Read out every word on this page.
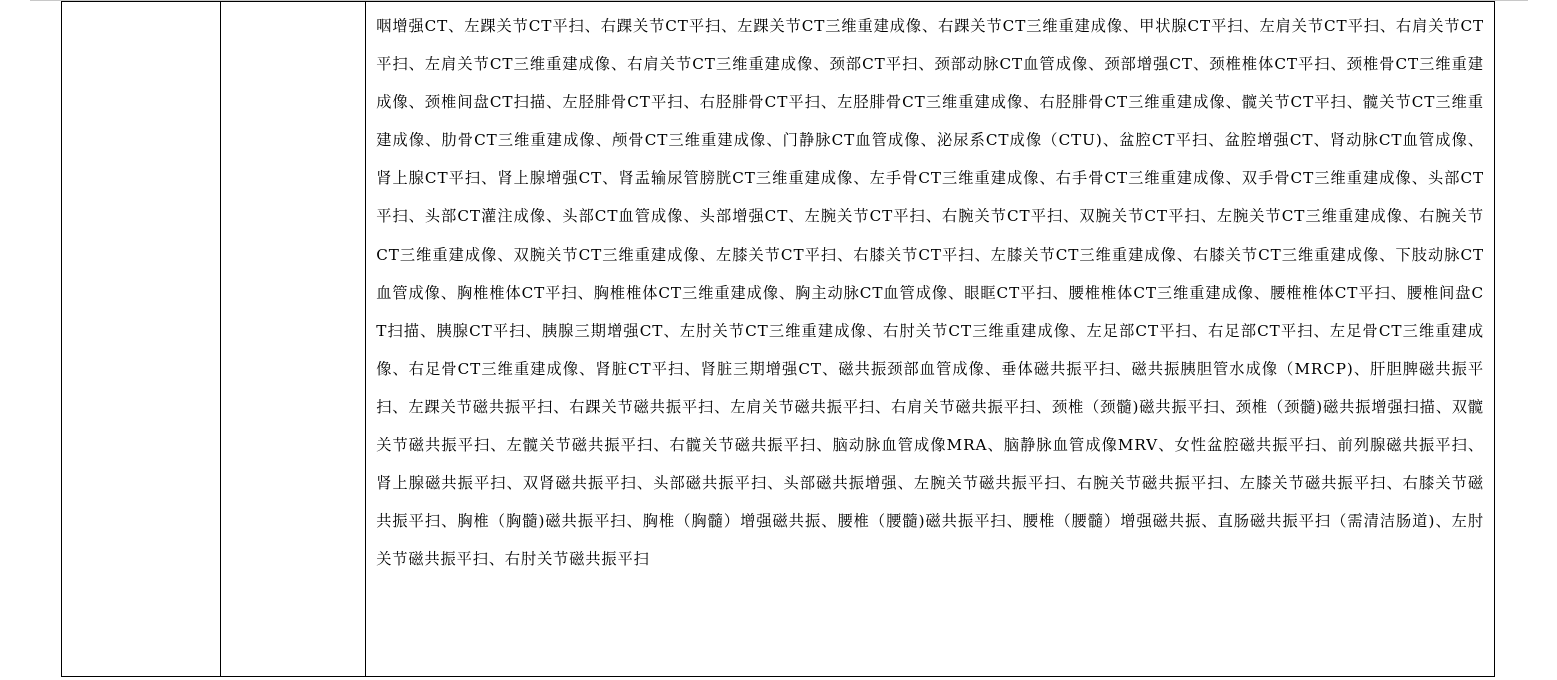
咽增强CT、左踝关节CT平扫、右踝关节CT平扫、左踝关节CT三维重建成像、右踝关节CT三维重建成像、甲状腺CT平扫、左肩关节CT平扫、右肩关节CT平扫、左肩关节CT三维重建成像、右肩关节CT三维重建成像、颈部CT平扫、颈部动脉CT血管成像、颈部增强CT、颈椎椎体CT平扫、颈椎骨CT三维重建成像、颈椎间盘CT扫描、左胫腓骨CT平扫、右胫腓骨CT平扫、左胫腓骨CT三维重建成像、右胫腓骨CT三维重建成像、髋关节CT平扫、髋关节CT三维重建成像、肋骨CT三维重建成像、颅骨CT三维重建成像、门静脉CT血管成像、泌尿系CT成像（CTU)、盆腔CT平扫、盆腔增强CT、肾动脉CT血管成像、肾上腺CT平扫、肾上腺增强CT、肾盂输尿管膀胱CT三维重建成像、左手骨CT三维重建成像、右手骨CT三维重建成像、双手骨CT三维重建成像、头部CT平扫、头部CT灌注成像、头部CT血管成像、头部增强CT、左腕关节CT平扫、右腕关节CT平扫、双腕关节CT平扫、左腕关节CT三维重建成像、右腕关节CT三维重建成像、双腕关节CT三维重建成像、左膝关节CT平扫、右膝关节CT平扫、左膝关节CT三维重建成像、右膝关节CT三维重建成像、下肢动脉CT血管成像、胸椎椎体CT平扫、胸椎椎体CT三维重建成像、胸主动脉CT血管成像、眼眶CT平扫、腰椎椎体CT三维重建成像、腰椎椎体CT平扫、腰椎间盘CT扫描、胰腺CT平扫、胰腺三期增强CT、左肘关节CT三维重建成像、右肘关节CT三维重建成像、左足部CT平扫、右足部CT平扫、左足骨CT三维重建成像、右足骨CT三维重建成像、肾脏CT平扫、肾脏三期增强CT、磁共振颈部血管成像、垂体磁共振平扫、磁共振胰胆管水成像（MRCP)、肝胆脾磁共振平扫、左踝关节磁共振平扫、右踝关节磁共振平扫、左肩关节磁共振平扫、右肩关节磁共振平扫、颈椎（颈髓)磁共振平扫、颈椎（颈髓)磁共振增强扫描、双髋关节磁共振平扫、左髋关节磁共振平扫、右髋关节磁共振平扫、脑动脉血管成像MRA、脑静脉血管成像MRV、女性盆腔磁共振平扫、前列腺磁共振平扫、肾上腺磁共振平扫、双肾磁共振平扫、头部磁共振平扫、头部磁共振增强、左腕关节磁共振平扫、右腕关节磁共振平扫、左膝关节磁共振平扫、右膝关节磁共振平扫、胸椎（胸髓)磁共振平扫、胸椎（胸髓）增强磁共振、腰椎（腰髓)磁共振平扫、腰椎（腰髓）增强磁共振、直肠磁共振平扫（需清洁肠道)、左肘关节磁共振平扫、右肘关节磁共振平扫
